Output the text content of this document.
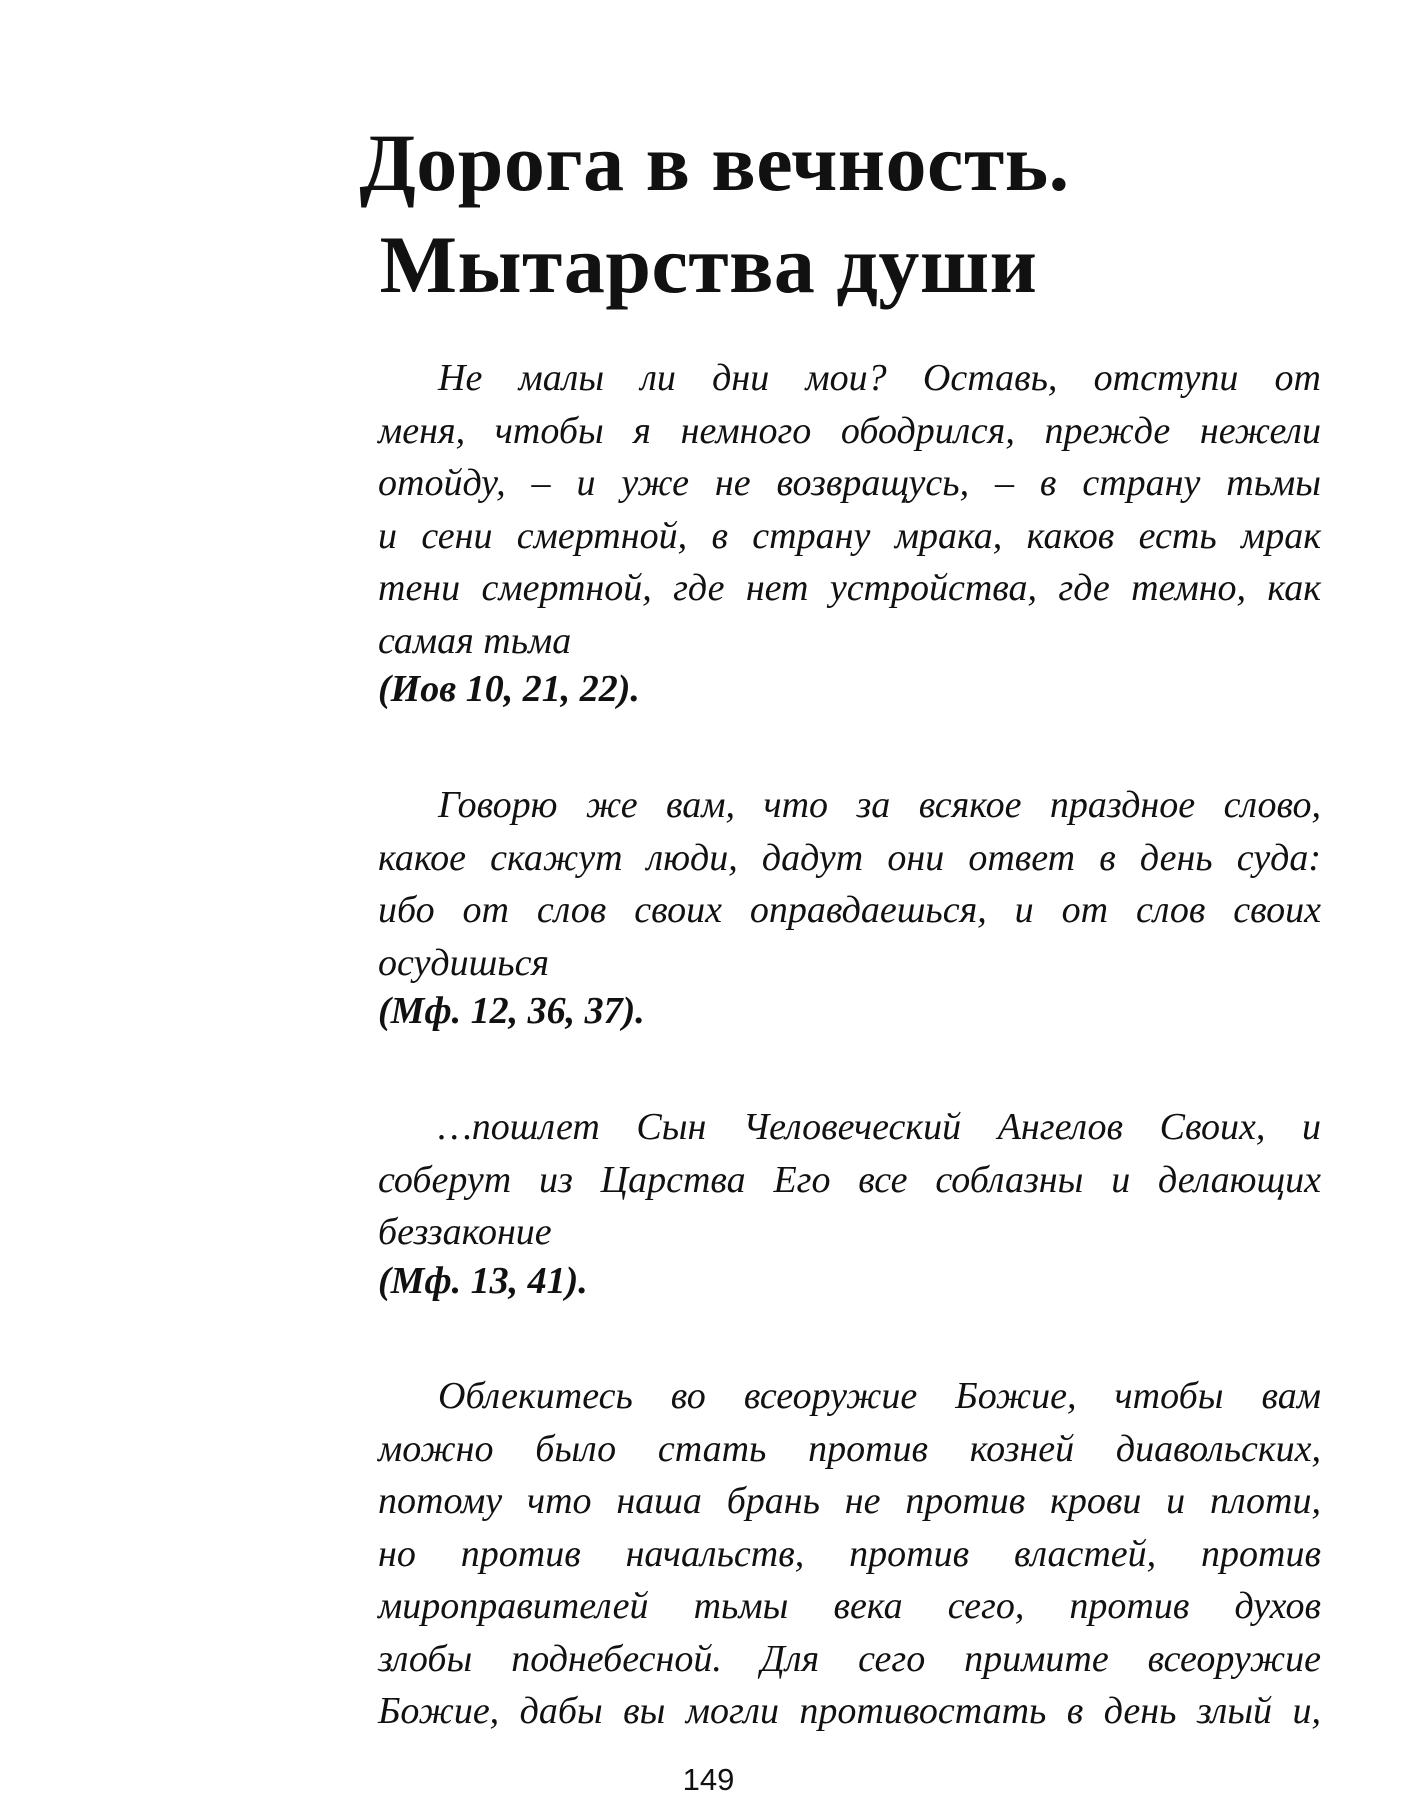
Дорога в вечность.
Мытарства души
Не малы ли дни мои? Оставь, отступи от
меня, чтобы я немного ободрился, прежде нежели
отойду, – и уже не возвращусь, – в страну тьмы
и сени смертной, в страну мрака, каков есть мрак
тени смертной, где нет устройства, где темно, как
самая тьма
(Иов 10, 21, 22).
Говорю же вам, что за всякое праздное слово,
какое скажут люди, дадут они ответ в день суда:
ибо от слов своих оправдаешься, и от слов своих
осудишься
(Мф. 12, 36, 37).
…пошлет Сын Человеческий Ангелов Своих, и
соберут из Царства Его все соблазны и делающих
беззаконие
(Мф. 13, 41).
Облекитесь во всеоружие Божие, чтобы вам
можно было стать против козней диавольских,
потому что наша брань не против крови и плоти,
но против начальств, против властей, против
мироправителей тьмы века сего, против духов
злобы поднебесной. Для сего примите всеоружие
Божие, дабы вы могли противостать в день злый и,
149
